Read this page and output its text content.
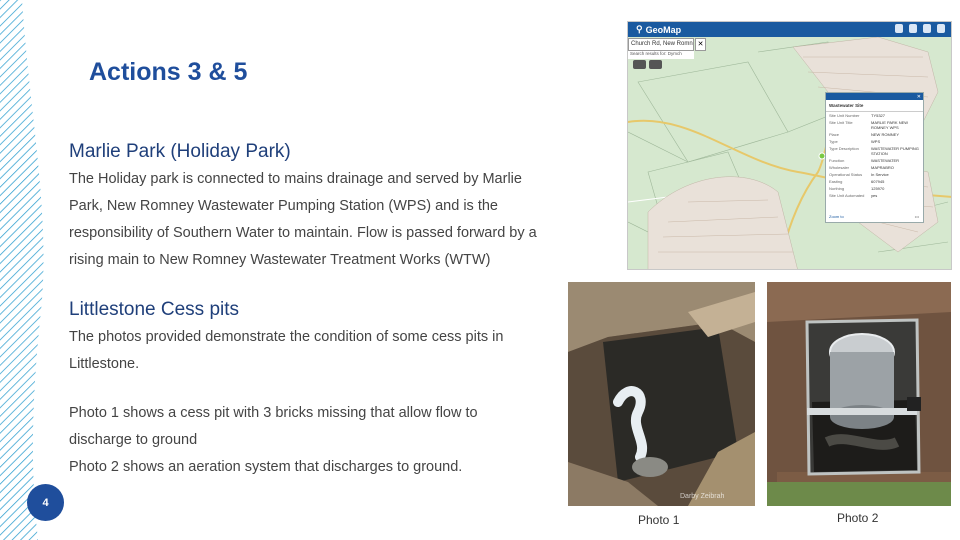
Actions 3 & 5
Marlie Park (Holiday Park)
The Holiday park is connected to mains drainage and served by Marlie Park, New Romney Wastewater Pumping Station (WPS) and is the responsibility of Southern Water to maintain. Flow is passed forward by a rising main to New Romney Wastewater Treatment Works (WTW)
Littlestone Cess pits
The photos provided demonstrate the condition of some cess pits in Littlestone.
Photo 1 shows a cess pit with 3 bricks missing that allow flow to discharge to ground
Photo 2 shows an aeration system that discharges to ground.
4
⚲ GeoMap
Church Rd, New Romn ✕
Search results for: Dymch
✕
Wastewater Site
Site Unit Number	TY5327
Site Unit Title	MARLIE PARK NEW ROMNEY WPS
Place	NEW ROMNEY
Type	WPS
Type Description	WASTEWATER PUMPING STATION
Function	WASTEWATER
Wholesaler	MAPRABRO
Operational Status	In Service
Easting	607945
Northing	125970
Site Unit Automated	yes
Zoom to	•••
Darby Zeibrah
Photo 1	Photo 2
